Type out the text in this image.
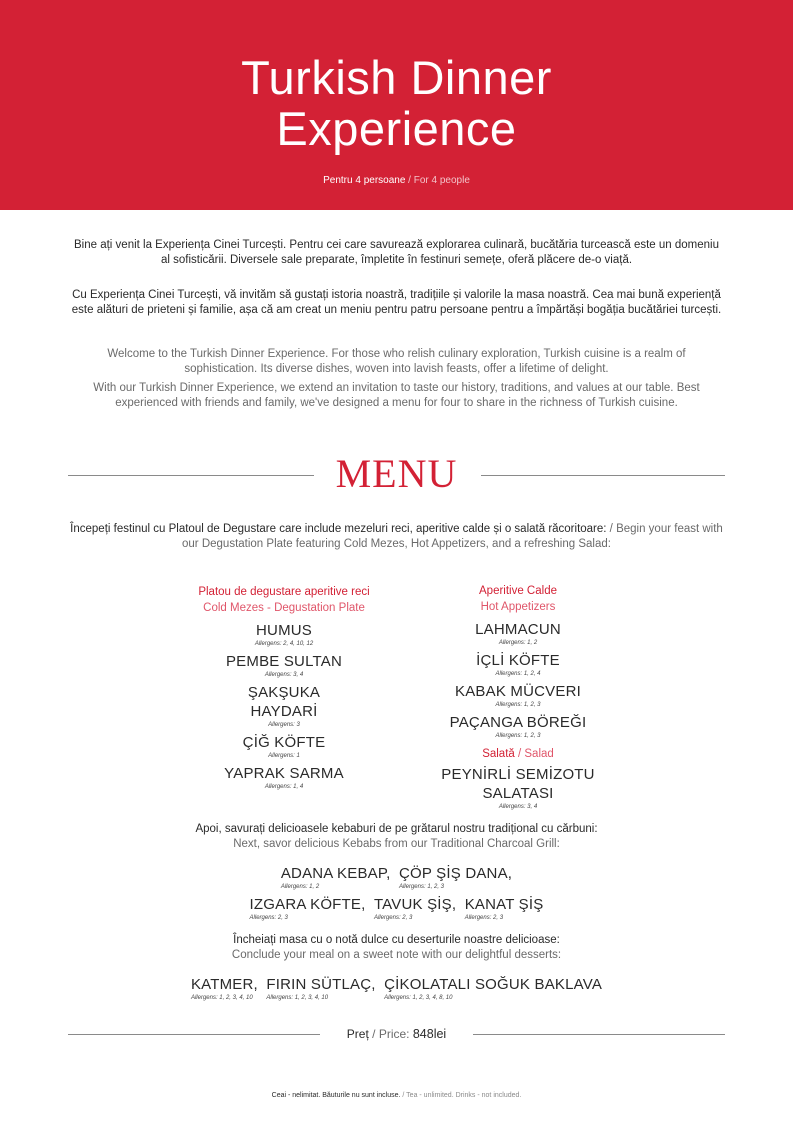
Turkish Dinner
Experience
Pentru 4 persoane / For 4 people

Bine ați venit la Experiența Cinei Turcești. Pentru cei care savurează explorarea culinară, bucătăria turcească este un domeniu al sofisticării. Diversele sale preparate, împletite în festinuri semețe, oferă plăcere de-o viață.

Cu Experiența Cinei Turcești, vă invităm să gustați istoria noastră, tradițiile și valorile la masa noastră. Cea mai bună experiență este alături de prieteni și familie, așa că am creat un meniu pentru patru persoane pentru a împărtăși bogăția bucătăriei turcești.

Welcome to the Turkish Dinner Experience. For those who relish culinary exploration, Turkish cuisine is a realm of sophistication. Its diverse dishes, woven into lavish feasts, offer a lifetime of delight.

With our Turkish Dinner Experience, we extend an invitation to taste our history, traditions, and values at our table. Best experienced with friends and family, we've designed a menu for four to share in the richness of Turkish cuisine.

MENU

Începeți festinul cu Platoul de Degustare care include mezeluri reci, aperitive calde și o salată răcoritoare: / Begin your feast with our Degustation Plate featuring Cold Mezes, Hot Appetizers, and a refreshing Salad:

Platou de degustare aperitive reci
Cold Mezes - Degustation Plate
HUMUS
Allergens: 2, 4, 10, 12
PEMBE SULTAN
Allergens: 3, 4
ŞAKŞUKA HAYDARİ
Allergens: 3
ÇİĞ KÖFTE
Allergens: 1
YAPRAK SARMA
Allergens: 1, 4
Aperitive Calde
Hot Appetizers
LAHMACUN
Allergens: 1, 2
İÇLİ KÖFTE
Allergens: 1, 2, 4
KABAK MÜCVERI
Allergens: 1, 2, 3
PAÇANGA BÖREĞI
Allergens: 1, 2, 3
Salată / Salad
PEYNİRLİ SEMİZOTU SALATASI
Allergens: 3, 4

Apoi, savurați delicioasele kebaburi de pe grătarul nostru tradițional cu cărbuni:
Next, savor delicious Kebabs from our Traditional Charcoal Grill:

ADANA KEBAP,
Allergens: 1, 2

ÇÖP ŞİŞ DANA,
Allergens: 1, 2, 3
IZGARA KÖFTE,
Allergens: 2, 3

TAVUK ŞİŞ,
Allergens: 2, 3

KANAT ŞİŞ
Allergens: 2, 3

Încheiați masa cu o notă dulce cu deserturile noastre delicioase:
Conclude your meal on a sweet note with our delightful desserts:

KATMER,
Allergens: 1, 2, 3, 4, 10

FIRIN SÜTLAÇ,
Allergens: 1, 2, 3, 4, 10

ÇİKOLATALI SOĞUK BAKLAVA
Allergens: 1, 2, 3, 4, 8, 10
Preț / Price: 848lei
Ceai - nelimitat. Băuturile nu sunt incluse. / Tea - unlimited. Drinks - not included.
